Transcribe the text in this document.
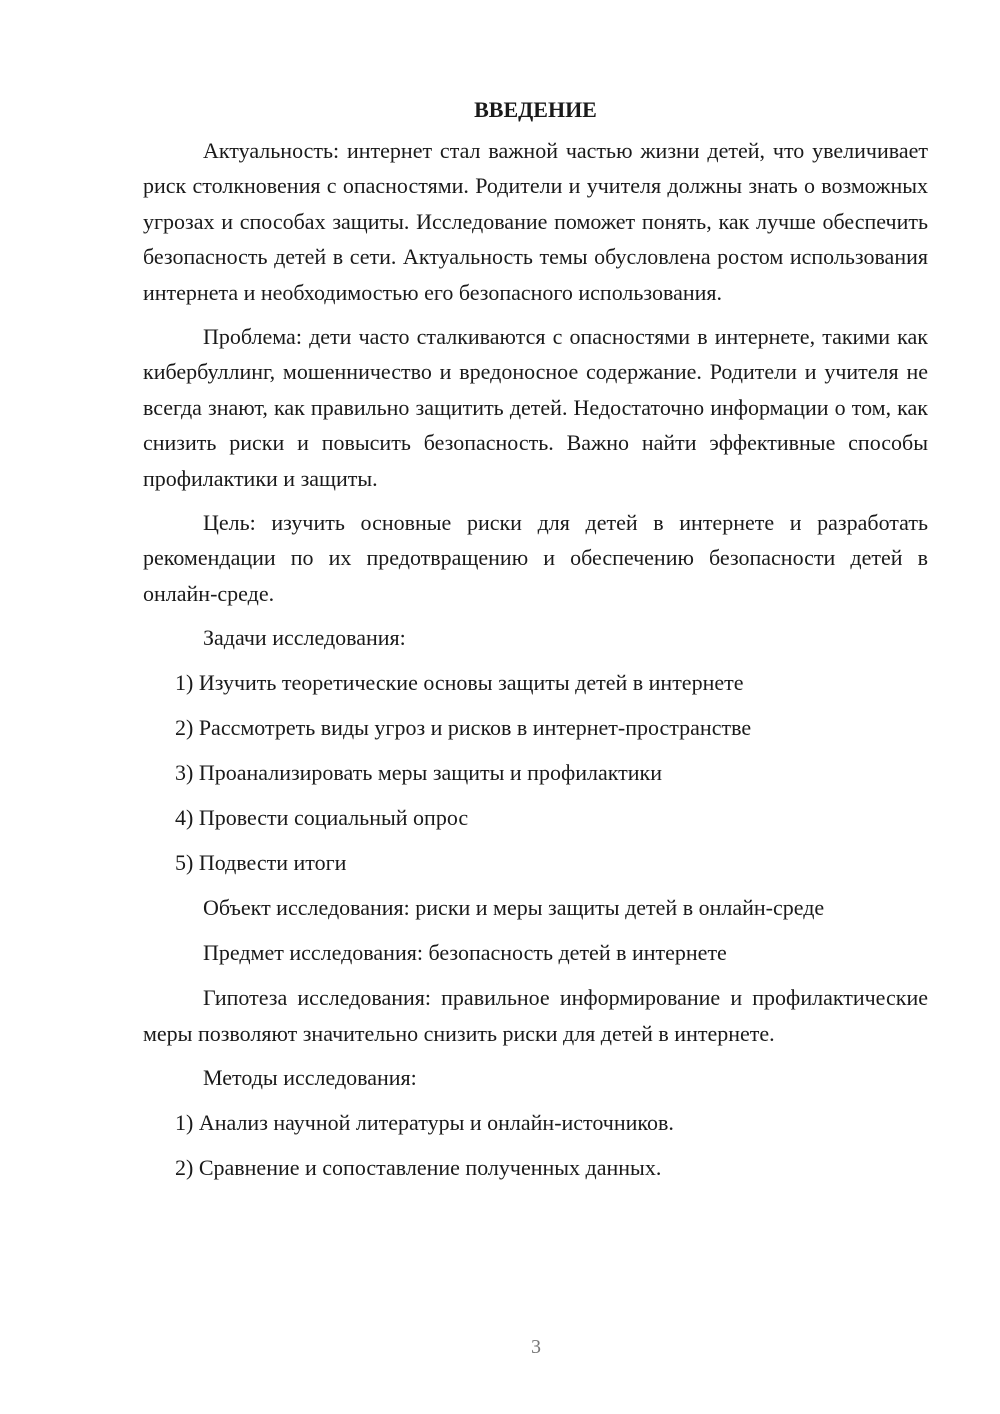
ВВЕДЕНИЕ

Актуальность: интернет стал важной частью жизни детей, что увеличивает риск столкновения с опасностями. Родители и учителя должны знать о возможных угрозах и способах защиты. Исследование поможет понять, как лучше обеспечить безопасность детей в сети. Актуальность темы обусловлена ростом использования интернета и необходимостью его безопасного использования.

Проблема: дети часто сталкиваются с опасностями в интернете, такими как кибербуллинг, мошенничество и вредоносное содержание. Родители и учителя не всегда знают, как правильно защитить детей. Недостаточно информации о том, как снизить риски и повысить безопасность. Важно найти эффективные способы профилактики и защиты.

Цель: изучить основные риски для детей в интернете и разработать рекомендации по их предотвращению и обеспечению безопасности детей в онлайн-среде.

Задачи исследования:
1) Изучить теоретические основы защиты детей в интернете
2) Рассмотреть виды угроз и рисков в интернет-пространстве
3) Проанализировать меры защиты и профилактики
4) Провести социальный опрос
5) Подвести итоги
Объект исследования: риски и меры защиты детей в онлайн-среде
Предмет исследования: безопасность детей в интернете

Гипотеза исследования: правильное информирование и профилактические меры позволяют значительно снизить риски для детей в интернете.

Методы исследования:
1) Анализ научной литературы и онлайн-источников.
2) Сравнение и сопоставление полученных данных.
3
